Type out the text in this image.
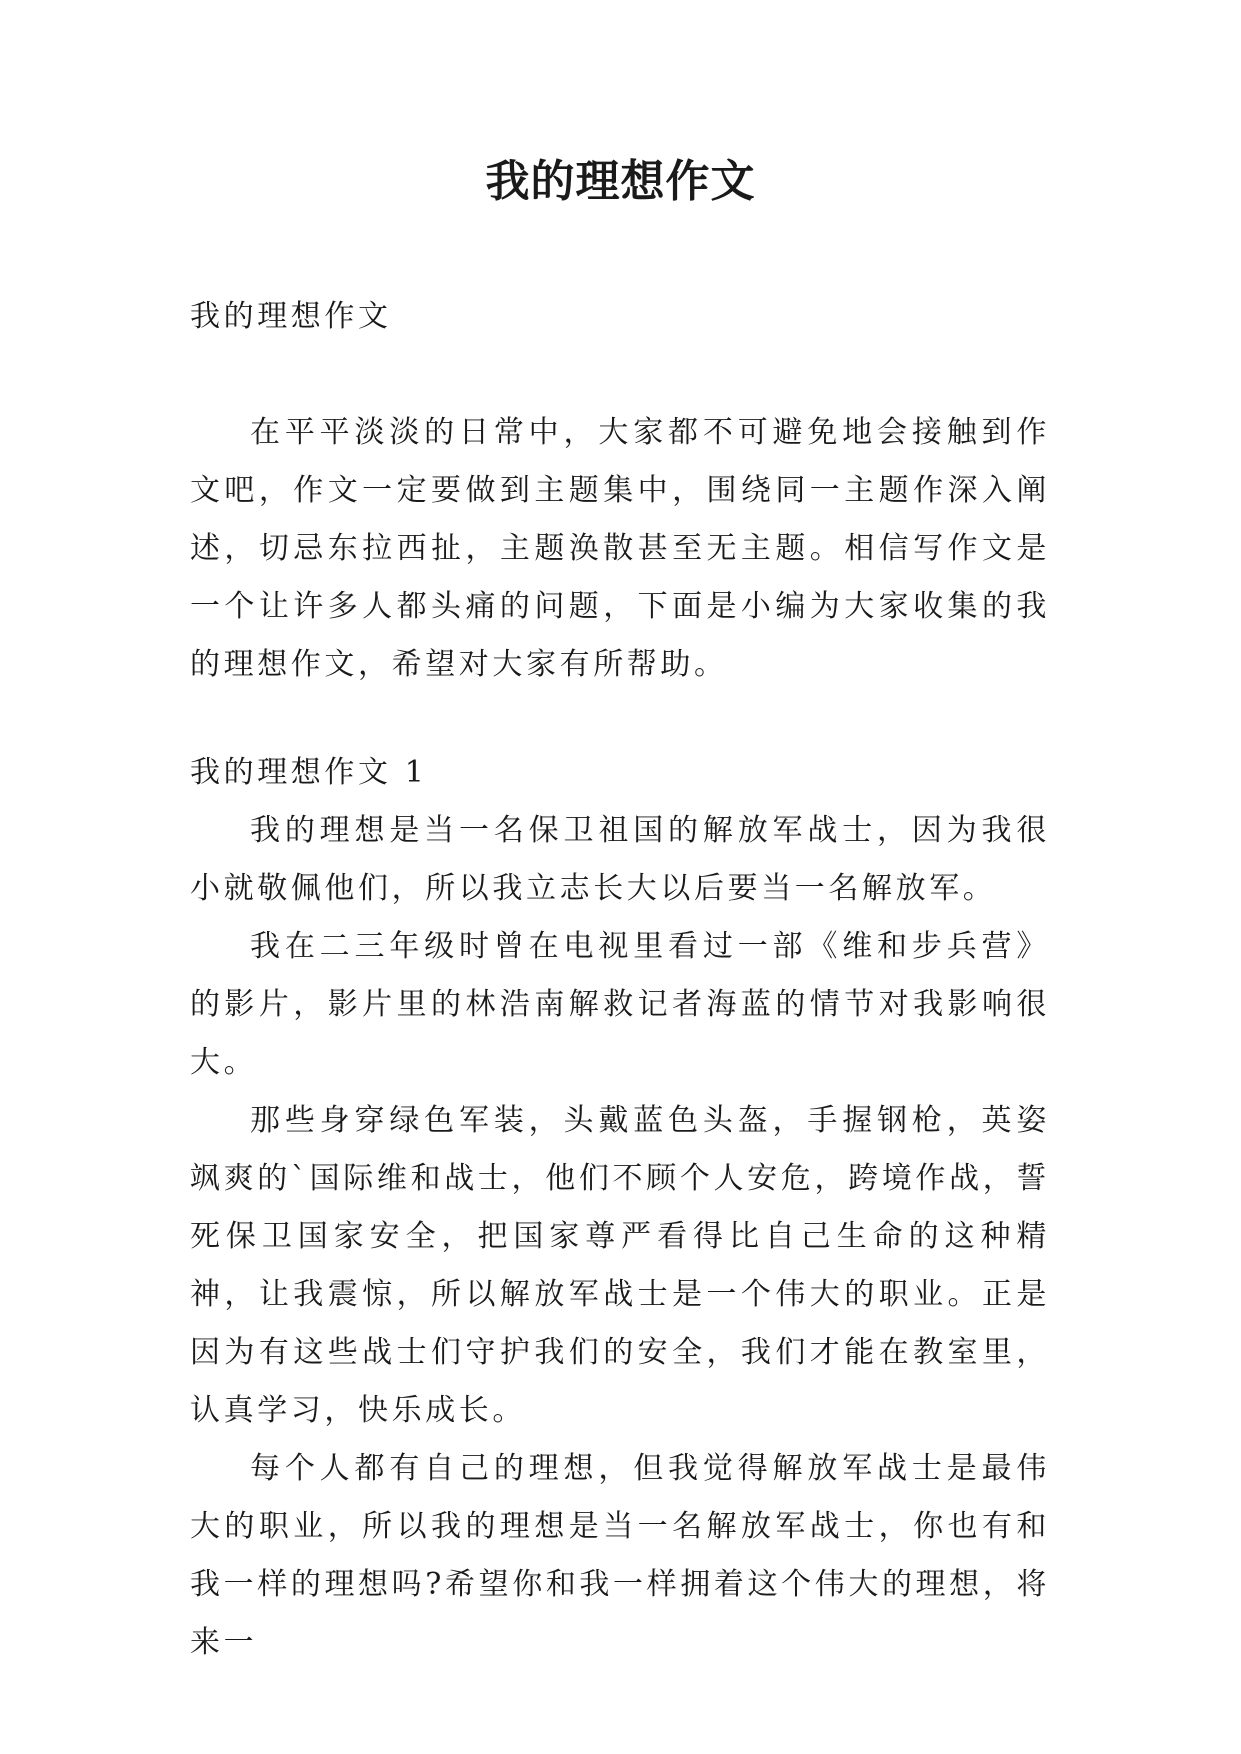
我的理想作文

我的理想作文

在平平淡淡的日常中，大家都不可避免地会接触到作文吧，作文一定要做到主题集中，围绕同一主题作深入阐述，切忌东拉西扯，主题涣散甚至无主题。相信写作文是一个让许多人都头痛的问题，下面是小编为大家收集的我的理想作文，希望对大家有所帮助。

我的理想作文 1

我的理想是当一名保卫祖国的解放军战士，因为我很小就敬佩他们，所以我立志长大以后要当一名解放军。

我在二三年级时曾在电视里看过一部《维和步兵营》的影片，影片里的林浩南解救记者海蓝的情节对我影响很大。

那些身穿绿色军装，头戴蓝色头盔，手握钢枪，英姿飒爽的`国际维和战士，他们不顾个人安危，跨境作战，誓死保卫国家安全，把国家尊严看得比自己生命的这种精神，让我震惊，所以解放军战士是一个伟大的职业。正是因为有这些战士们守护我们的安全，我们才能在教室里，认真学习，快乐成长。

每个人都有自己的理想，但我觉得解放军战士是最伟大的职业，所以我的理想是当一名解放军战士，你也有和我一样的理想吗?希望你和我一样拥着这个伟大的理想，将来一
